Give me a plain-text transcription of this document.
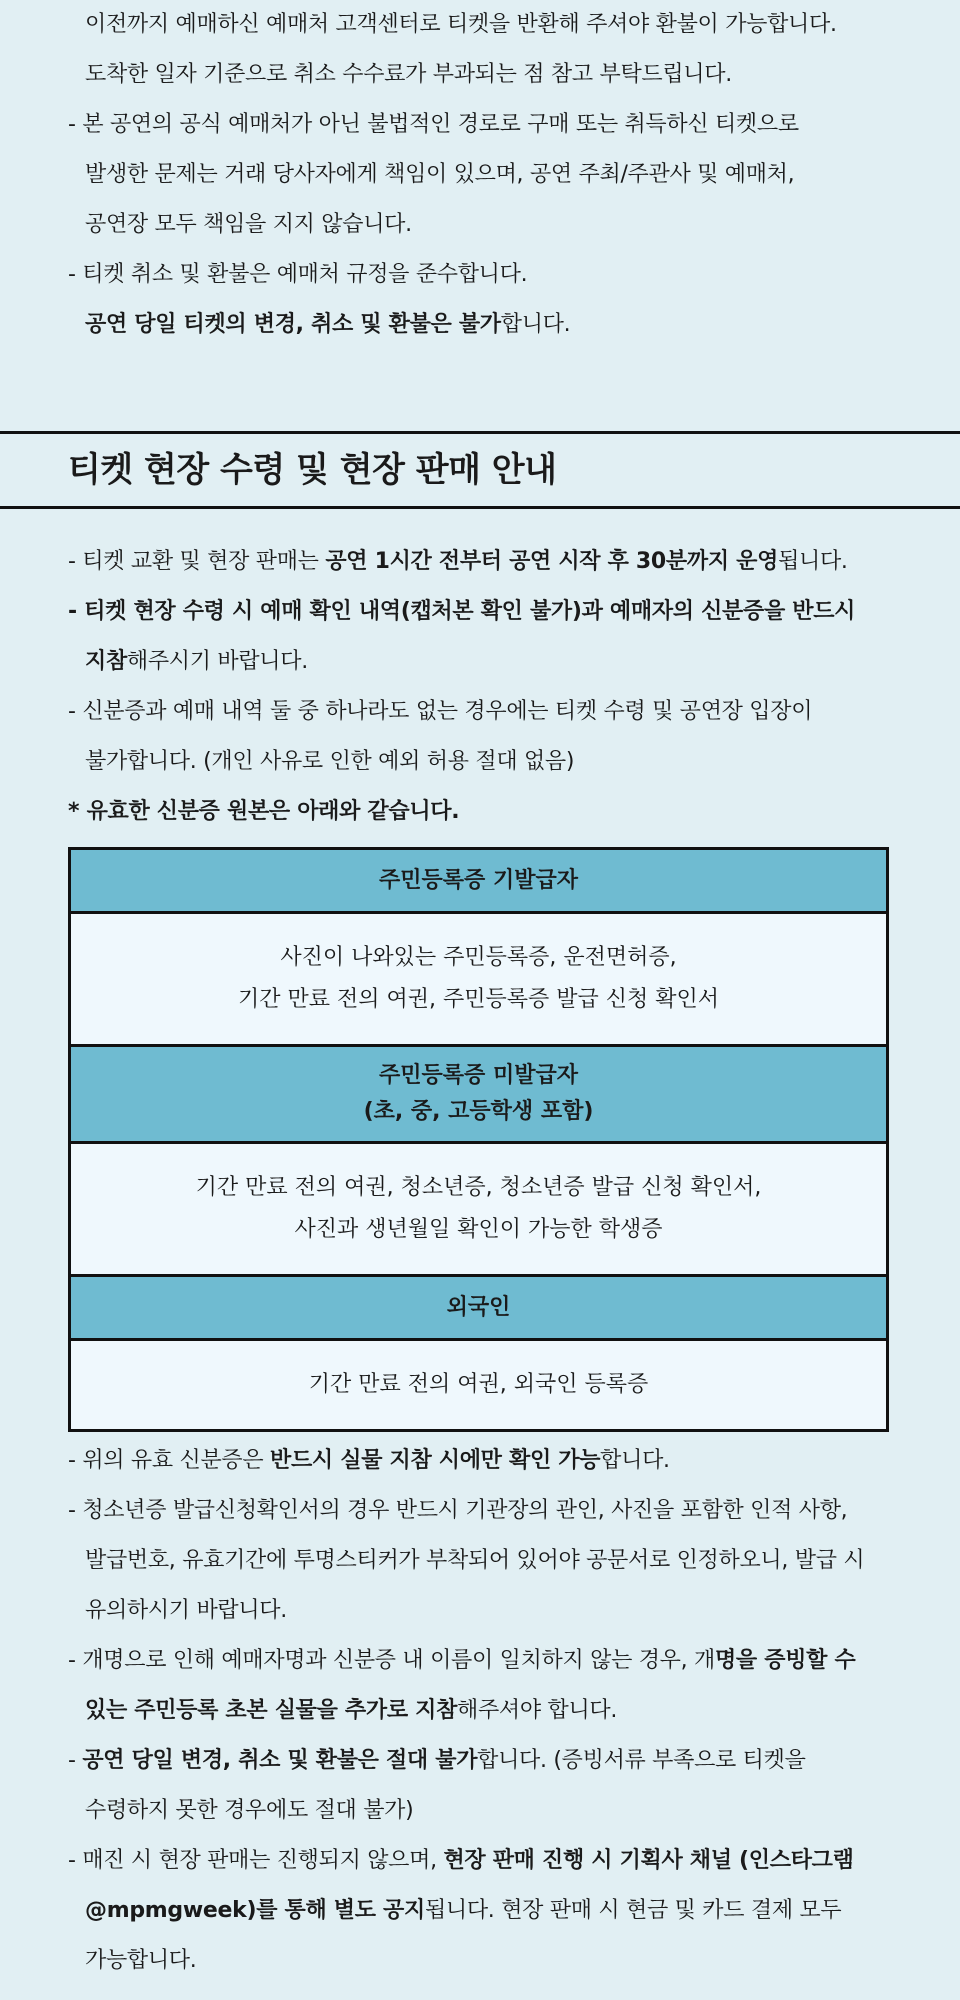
이전까지 예매하신 예매처 고객센터로 티켓을 반환해 주셔야 환불이 가능합니다.
도착한 일자 기준으로 취소 수수료가 부과되는 점 참고 부탁드립니다.
- 본 공연의 공식 예매처가 아닌 불법적인 경로로 구매 또는 취득하신 티켓으로
발생한 문제는 거래 당사자에게 책임이 있으며, 공연 주최/주관사 및 예매처,
공연장 모두 책임을 지지 않습니다.
- 티켓 취소 및 환불은 예매처 규정을 준수합니다.
공연 당일 티켓의 변경, 취소 및 환불은 불가합니다.
티켓 현장 수령 및 현장 판매 안내
- 티켓 교환 및 현장 판매는 공연 1시간 전부터 공연 시작 후 30분까지 운영됩니다.
- 티켓 현장 수령 시 예매 확인 내역(캡처본 확인 불가)과 예매자의 신분증을 반드시
지참해주시기 바랍니다.
- 신분증과 예매 내역 둘 중 하나라도 없는 경우에는 티켓 수령 및 공연장 입장이
불가합니다. (개인 사유로 인한 예외 허용 절대 없음)
* 유효한 신분증 원본은 아래와 같습니다.
주민등록증 기발급자
사진이 나와있는 주민등록증, 운전면허증,
기간 만료 전의 여권, 주민등록증 발급 신청 확인서
주민등록증 미발급자
(초, 중, 고등학생 포함)
기간 만료 전의 여권, 청소년증, 청소년증 발급 신청 확인서,
사진과 생년월일 확인이 가능한 학생증
외국인
기간 만료 전의 여권, 외국인 등록증
- 위의 유효 신분증은 반드시 실물 지참 시에만 확인 가능합니다.
- 청소년증 발급신청확인서의 경우 반드시 기관장의 관인, 사진을 포함한 인적 사항,
발급번호, 유효기간에 투명스티커가 부착되어 있어야 공문서로 인정하오니, 발급 시
유의하시기 바랍니다.
- 개명으로 인해 예매자명과 신분증 내 이름이 일치하지 않는 경우, 개명을 증빙할 수
있는 주민등록 초본 실물을 추가로 지참해주셔야 합니다.
- 공연 당일 변경, 취소 및 환불은 절대 불가합니다. (증빙서류 부족으로 티켓을
수령하지 못한 경우에도 절대 불가)
- 매진 시 현장 판매는 진행되지 않으며, 현장 판매 진행 시 기획사 채널 (인스타그램
@mpmgweek)를 통해 별도 공지됩니다. 현장 판매 시 현금 및 카드 결제 모두
가능합니다.
